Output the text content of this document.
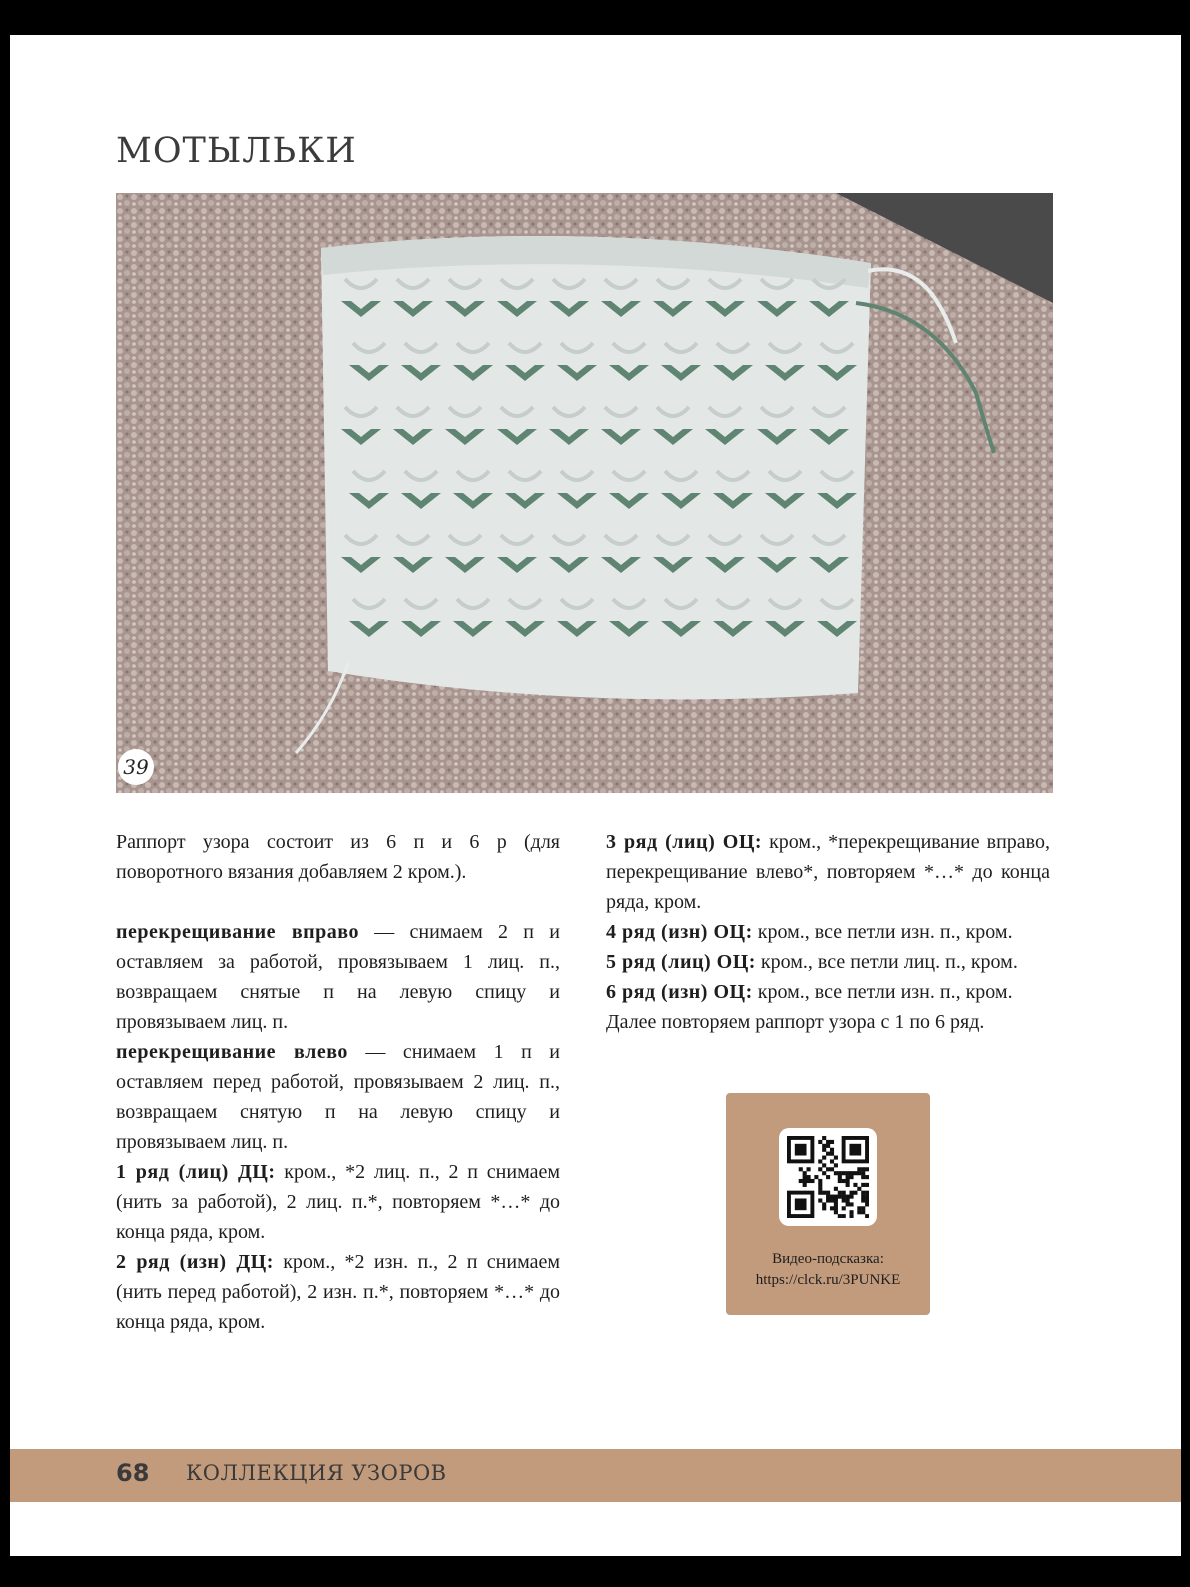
МОТЫЛЬКИ
39

Раппорт узора состоит из 6 п и 6 р (для поворотного вязания добавляем 2 кром.).

перекрещивание вправо — снимаем 2 п и оставляем за работой, провязываем 1 лиц. п., возвращаем снятые п на левую спицу и провязываем лиц. п.

перекрещивание влево — снимаем 1 п и оставляем перед работой, провязываем 2 лиц. п., возвращаем снятую п на левую спицу и провязываем лиц. п.

1 ряд (лиц) ДЦ: кром., *2 лиц. п., 2 п снимаем (нить за работой), 2 лиц. п.*, повторяем *…* до конца ряда, кром.

2 ряд (изн) ДЦ: кром., *2 изн. п., 2 п снимаем (нить перед работой), 2 изн. п.*, повторяем *…* до конца ряда, кром.

3 ряд (лиц) ОЦ: кром., *перекрещивание вправо, перекрещивание влево*, повторяем *…* до конца ряда, кром.

4 ряд (изн) ОЦ: кром., все петли изн. п., кром.

5 ряд (лиц) ОЦ: кром., все петли лиц. п., кром.

6 ряд (изн) ОЦ: кром., все петли изн. п., кром.

Далее повторяем раппорт узора с 1 по 6 ряд.

Видео-подсказка:
https://clck.ru/3PUNKE
68 КОЛЛЕКЦИЯ УЗОРОВ
